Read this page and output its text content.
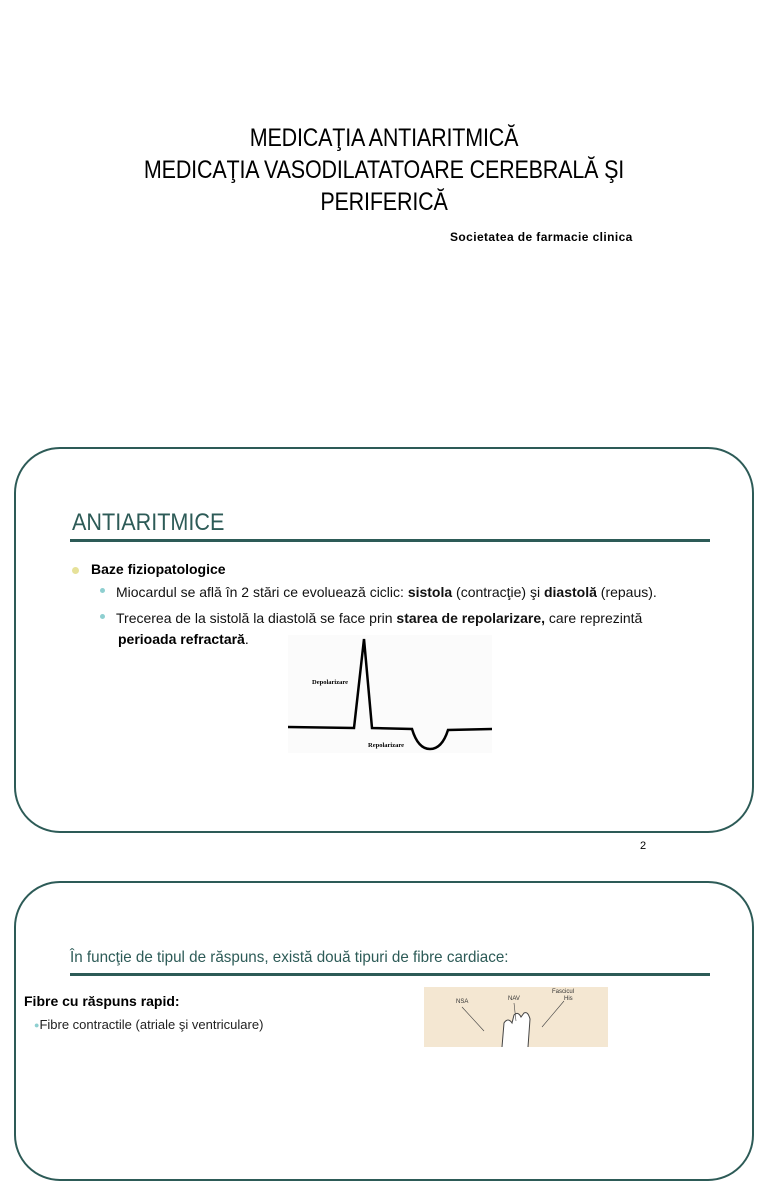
MEDICAŢIA ANTIARITMICĂ
MEDICAŢIA VASODILATATOARE CEREBRALĂ ŞI
PERIFERICĂ
Societatea de farmacie clinica
ANTIARITMICE
Baze fiziopatologice
Miocardul se află în 2 stări ce evoluează ciclic: sistola (contracţie) şi diastolă (repaus).
Trecerea de la sistolă la diastolă se face prin starea de repolarizare, care reprezintă
perioada refractară.
Depolarizare
Repolarizare
2
În funcţie de tipul de răspuns, există două tipuri de fibre cardiace:
Fibre cu răspuns rapid:
●Fibre contractile (atriale şi ventriculare)
NSA	NAV
Fascicul
His
